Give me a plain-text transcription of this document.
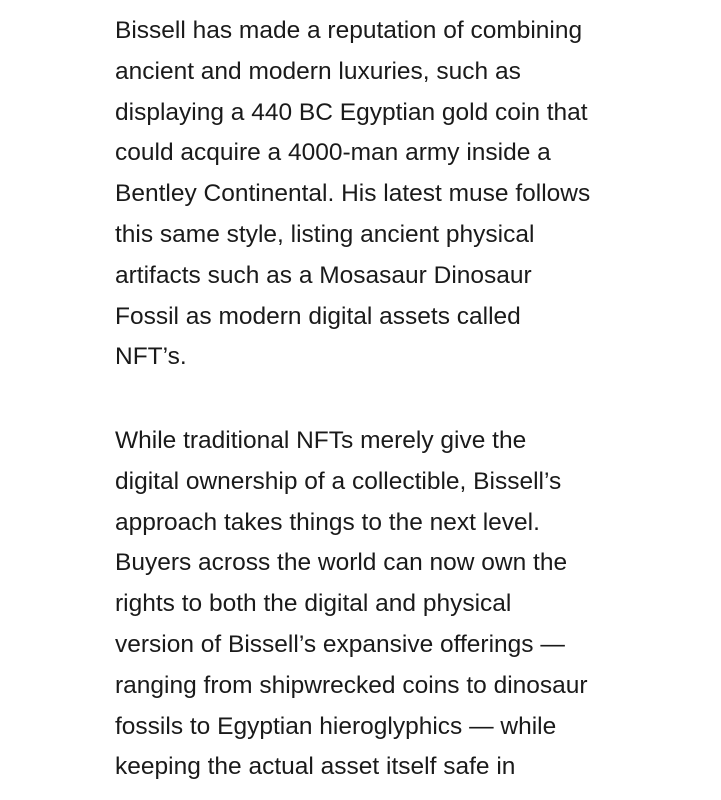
Bissell has made a reputation of combining
ancient and modern luxuries, such as
displaying a 440 BC Egyptian gold coin that
could acquire a 4000-man army inside a
Bentley Continental. His latest muse follows
this same style, listing ancient physical
artifacts such as a Mosasaur Dinosaur
Fossil as modern digital assets called
NFT’s.

While traditional NFTs merely give the
digital ownership of a collectible, Bissell’s
approach takes things to the next level.
Buyers across the world can now own the
rights to both the digital and physical
version of Bissell’s expansive offerings —
ranging from shipwrecked coins to dinosaur
fossils to Egyptian hieroglyphics — while
keeping the actual asset itself safe in
